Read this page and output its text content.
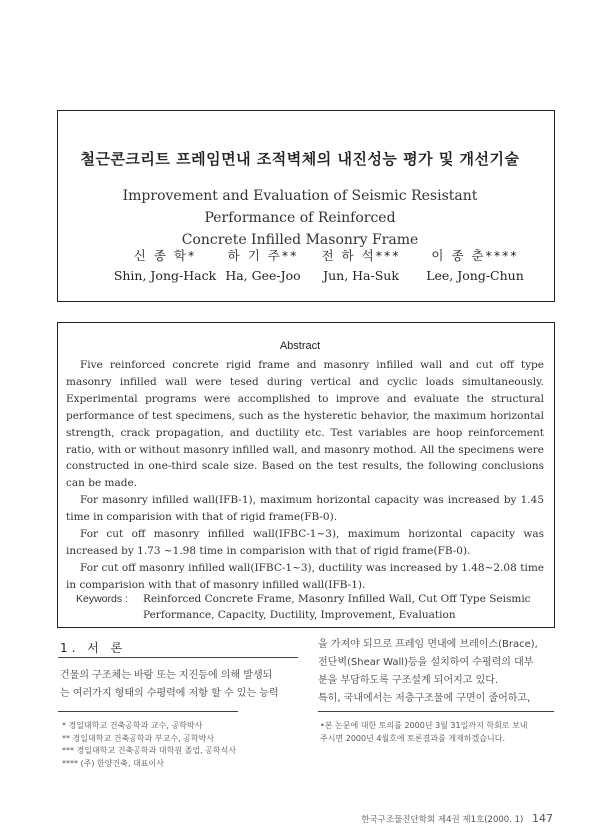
철근콘크리트 프레임면내 조적벽체의 내진성능 평가 및 개선기술
Improvement and Evaluation of Seismic Resistant Performance of Reinforced
Concrete Infilled Masonry Frame
신 종 학*
Shin, Jong-Hack
하 기 주**
Ha, Gee-Joo
전 하 석***
Jun, Ha-Suk
이 종 춘****
Lee, Jong-Chun
Abstract

Five reinforced concrete rigid frame and masonry infilled wall and cut off type masonry infilled wall were tesed during vertical and cyclic loads simultaneously. Experimental programs were accomplished to improve and evaluate the structural performance of test specimens, such as the hysteretic behavior, the maximum horizontal strength, crack propagation, and ductility etc. Test variables are hoop reinforcement ratio, with or without masonry infilled wall, and masonry mothod. All the specimens were constructed in one-third scale size. Based on the test results, the following conclusions can be made.

For masonry infilled wall(IFB-1), maximum horizontal capacity was increased by 1.45 time in comparision with that of rigid frame(FB-0).

For cut off masonry infilled wall(IFBC-1~3), maximum horizontal capacity was increased by 1.73 ~1.98 time in comparision with that of rigid frame(FB-0).

For cut off masonry infilled wall(IFBC-1~3), ductility was increased by 1.48~2.08 time in comparision with that of masonry infilled wall(IFB-1).

Keywords : Reinforced Concrete Frame, Masonry Infilled Wall, Cut Off Type Seismic Performance, Capacity, Ductility, Improvement, Evaluation
1. 서 론
건물의 구조체는 바람 또는 지진등에 의해 발생되
는 여러가지 형태의 수평력에 저항 할 수 있는 능력
을 가져야 되므로 프레임 면내에 브레이스(Brace),
전단벽(Shear Wall)등을 설치하여 수평력의 대부
분을 부담하도록 구조설계 되어지고 있다.
특히, 국내에서는 저층구조물에 구면이 줄어하고,
* 경일대학교 건축공학과 교수, 공학박사
** 경일대학교 건축공학과 부교수, 공학박사
*** 경일대학교 건축공학과 대학원 졸업, 공학석사
**** (주) 한양건축, 대표이사
•본 논문에 대한 토의를 2000년 3월 31일까지 학회로 보내
주시면 2000년 4월호에 토론결과를 게재하겠습니다.
한국구조물진단학회 제4권 제1호(2000. 1) 147
